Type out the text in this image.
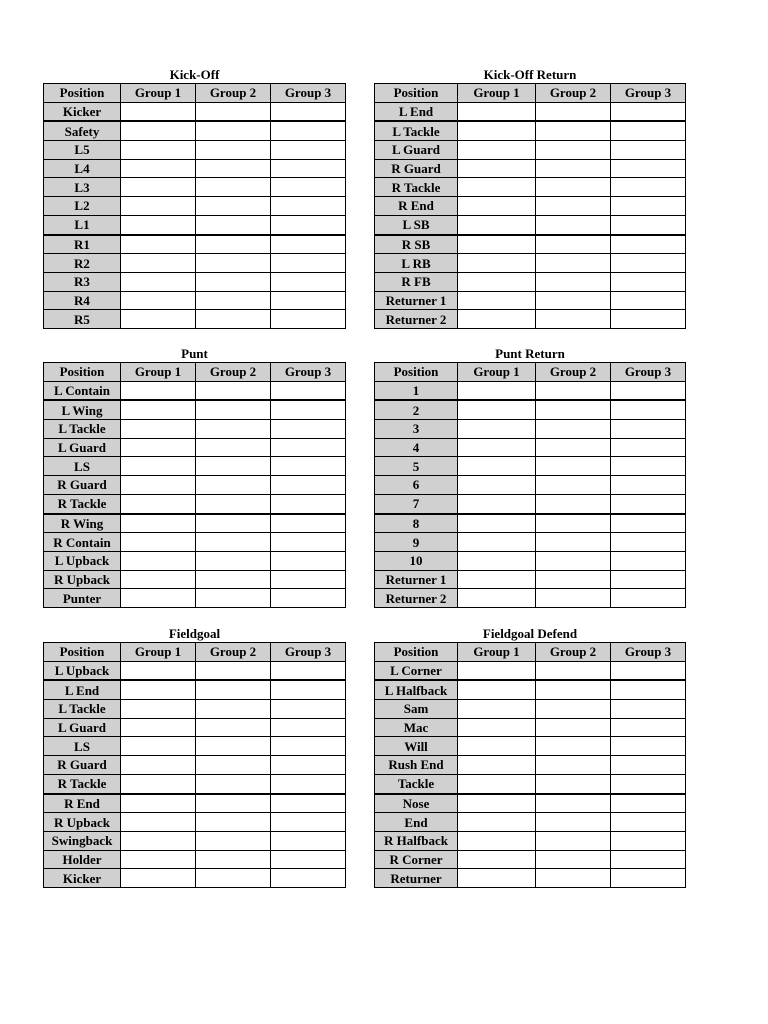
Kick-Off
Position	Group 1	Group 2	Group 3
Kicker			
Safety			
L5			
L4			
L3			
L2			
L1			
R1			
R2			
R3			
R4			
R5			
Kick-Off Return
Position	Group 1	Group 2	Group 3
L End			
L Tackle			
L Guard			
R Guard			
R Tackle			
R End			
L SB			
R SB			
L RB			
R FB			
Returner 1			
Returner 2			
Punt
Position	Group 1	Group 2	Group 3
L Contain			
L Wing			
L Tackle			
L Guard			
LS			
R Guard			
R Tackle			
R Wing			
R Contain			
L Upback			
R Upback			
Punter			
Punt Return
Position	Group 1	Group 2	Group 3
1			
2			
3			
4			
5			
6			
7			
8			
9			
10			
Returner 1			
Returner 2			
Fieldgoal
Position	Group 1	Group 2	Group 3
L Upback			
L End			
L Tackle			
L Guard			
LS			
R Guard			
R Tackle			
R End			
R Upback			
Swingback			
Holder			
Kicker			
Fieldgoal Defend
Position	Group 1	Group 2	Group 3
L Corner			
L Halfback			
Sam			
Mac			
Will			
Rush End			
Tackle			
Nose			
End			
R Halfback			
R Corner			
Returner			
